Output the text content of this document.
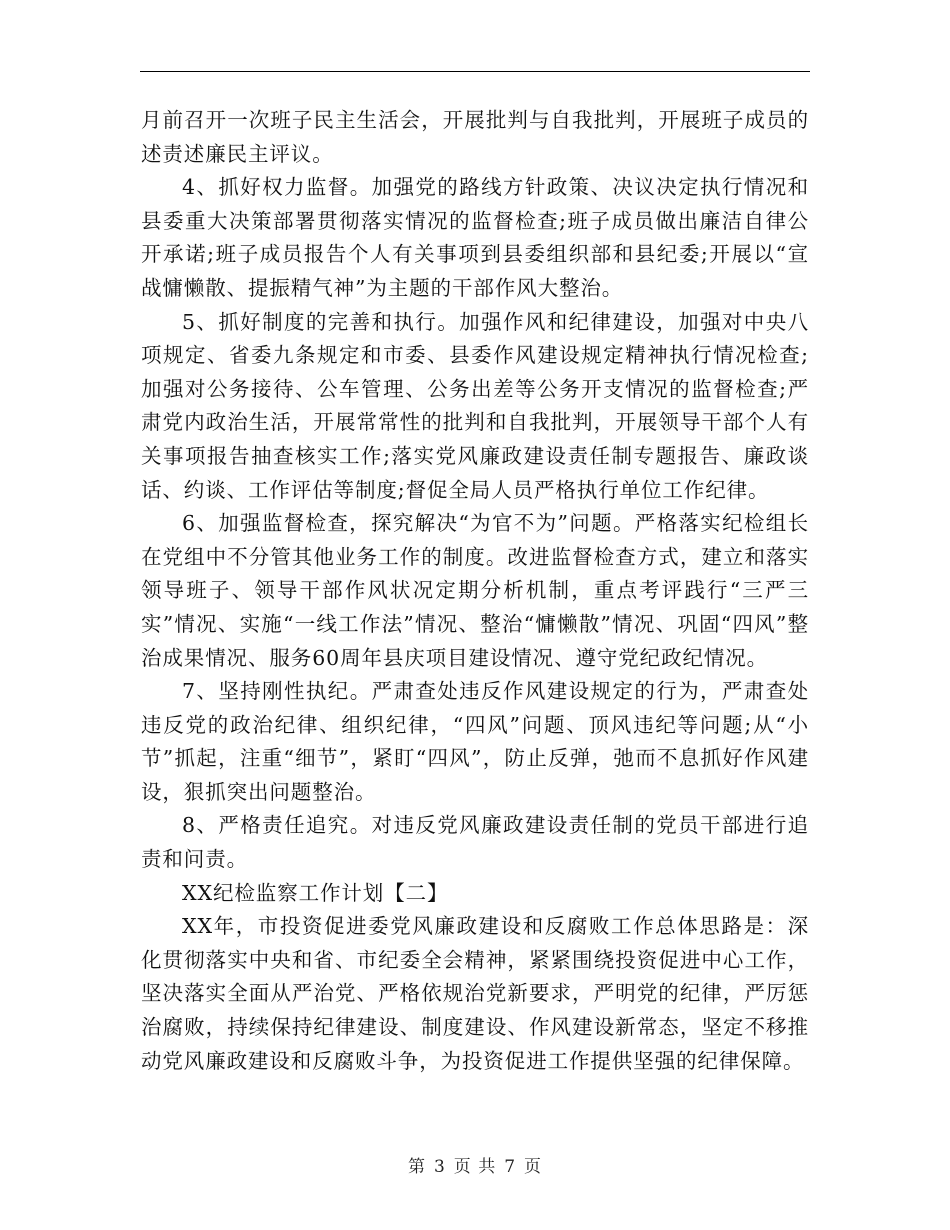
月前召开一次班子民主生活会，开展批判与自我批判，开展班子成员的述责述廉民主评议。

4、抓好权力监督。加强党的路线方针政策、决议决定执行情况和县委重大决策部署贯彻落实情况的监督检查;班子成员做出廉洁自律公开承诺;班子成员报告个人有关事项到县委组织部和县纪委;开展以“宣战慵懒散、提振精气神”为主题的干部作风大整治。

5、抓好制度的完善和执行。加强作风和纪律建设，加强对中央八项规定、省委九条规定和市委、县委作风建设规定精神执行情况检查;加强对公务接待、公车管理、公务出差等公务开支情况的监督检查;严肃党内政治生活，开展常常性的批判和自我批判，开展领导干部个人有关事项报告抽查核实工作;落实党风廉政建设责任制专题报告、廉政谈话、约谈、工作评估等制度;督促全局人员严格执行单位工作纪律。

6、加强监督检查，探究解决“为官不为”问题。严格落实纪检组长在党组中不分管其他业务工作的制度。改进监督检查方式，建立和落实领导班子、领导干部作风状况定期分析机制，重点考评践行“三严三实”情况、实施“一线工作法”情况、整治“慵懒散”情况、巩固“四风”整治成果情况、服务60周年县庆项目建设情况、遵守党纪政纪情况。

7、坚持刚性执纪。严肃查处违反作风建设规定的行为，严肃查处违反党的政治纪律、组织纪律，“四风”问题、顶风违纪等问题;从“小节”抓起，注重“细节”，紧盯“四风”，防止反弹，弛而不息抓好作风建设，狠抓突出问题整治。

8、严格责任追究。对违反党风廉政建设责任制的党员干部进行追责和问责。

XX纪检监察工作计划【二】

XX年，市投资促进委党风廉政建设和反腐败工作总体思路是：深化贯彻落实中央和省、市纪委全会精神，紧紧围绕投资促进中心工作，坚决落实全面从严治党、严格依规治党新要求，严明党的纪律，严厉惩治腐败，持续保持纪律建设、制度建设、作风建设新常态，坚定不移推动党风廉政建设和反腐败斗争，为投资促进工作提供坚强的纪律保障。

第 3 页 共 7 页
